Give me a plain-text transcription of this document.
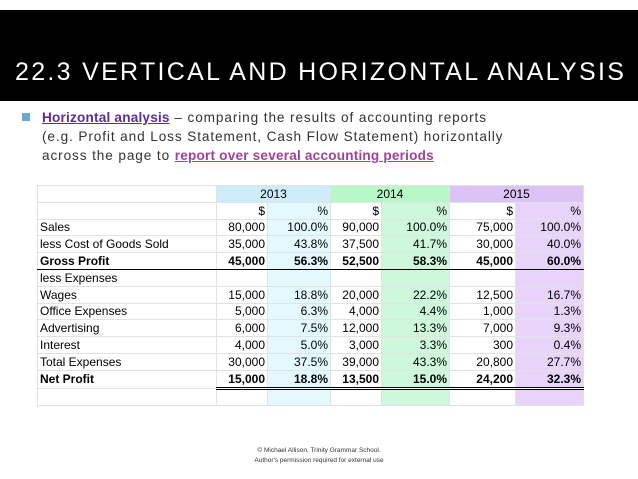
22.3 VERTICAL AND HORIZONTAL ANALYSIS
Horizontal analysis – comparing the results of accounting reports
(e.g. Profit and Loss Statement, Cash Flow Statement) horizontally
across the page to report over several accounting periods
	2013		2014		2015	
	$	%	$	%	$	%
Sales	80,000	100.0%	90,000	100.0%	75,000	100.0%
less Cost of Goods Sold	35,000	43.8%	37,500	41.7%	30,000	40.0%
Gross Profit	45,000	56.3%	52,500	58.3%	45,000	60.0%
less Expenses						
Wages	15,000	18.8%	20,000	22.2%	12,500	16.7%
Office Expenses	5,000	6.3%	4,000	4.4%	1,000	1.3%
Advertising	6,000	7.5%	12,000	13.3%	7,000	9.3%
Interest	4,000	5.0%	3,000	3.3%	300	0.4%
Total Expenses	30,000	37.5%	39,000	43.3%	20,800	27.7%
Net Profit	15,000	18.8%	13,500	15.0%	24,200	32.3%

© Michael Allison, Trinity Grammar School.
Author's permission required for external use
